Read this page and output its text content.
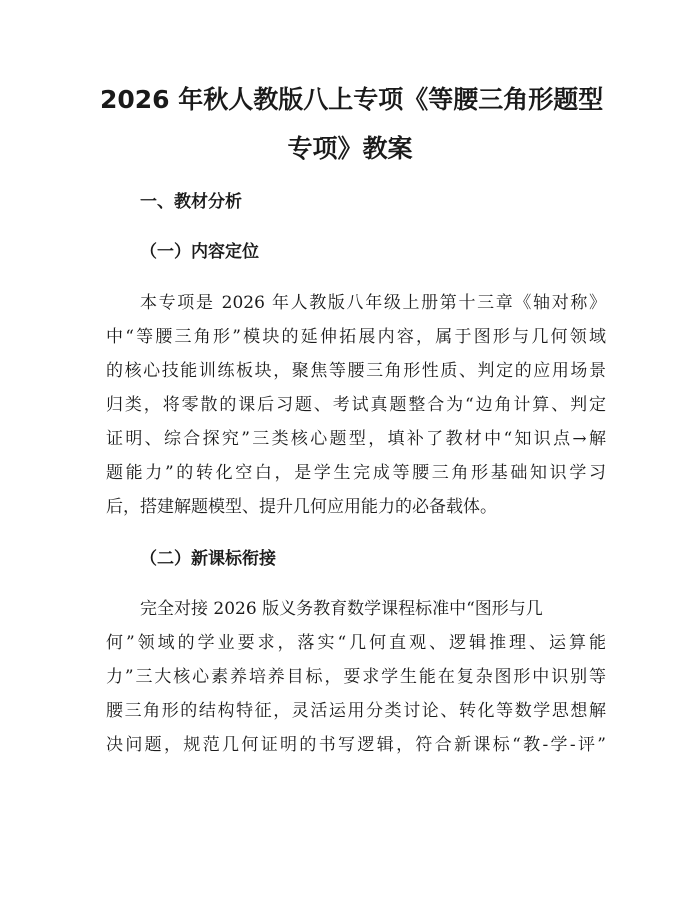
2026 年秋人教版八上专项《等腰三角形题型
专项》教案
一、教材分析
（一）内容定位
本专项是 2026 年人教版八年级上册第十三章《轴对称》
中“等腰三角形”模块的延伸拓展内容，属于图形与几何领域
的核心技能训练板块，聚焦等腰三角形性质、判定的应用场景
归类，将零散的课后习题、考试真题整合为“边角计算、判定
证明、综合探究”三类核心题型，填补了教材中“知识点→解
题能力”的转化空白，是学生完成等腰三角形基础知识学习
后，搭建解题模型、提升几何应用能力的必备载体。
（二）新课标衔接
完全对接 2026 版义务教育数学课程标准中“图形与几
何”领域的学业要求，落实“几何直观、逻辑推理、运算能
力”三大核心素养培养目标，要求学生能在复杂图形中识别等
腰三角形的结构特征，灵活运用分类讨论、转化等数学思想解
决问题，规范几何证明的书写逻辑，符合新课标“教-学-评”
